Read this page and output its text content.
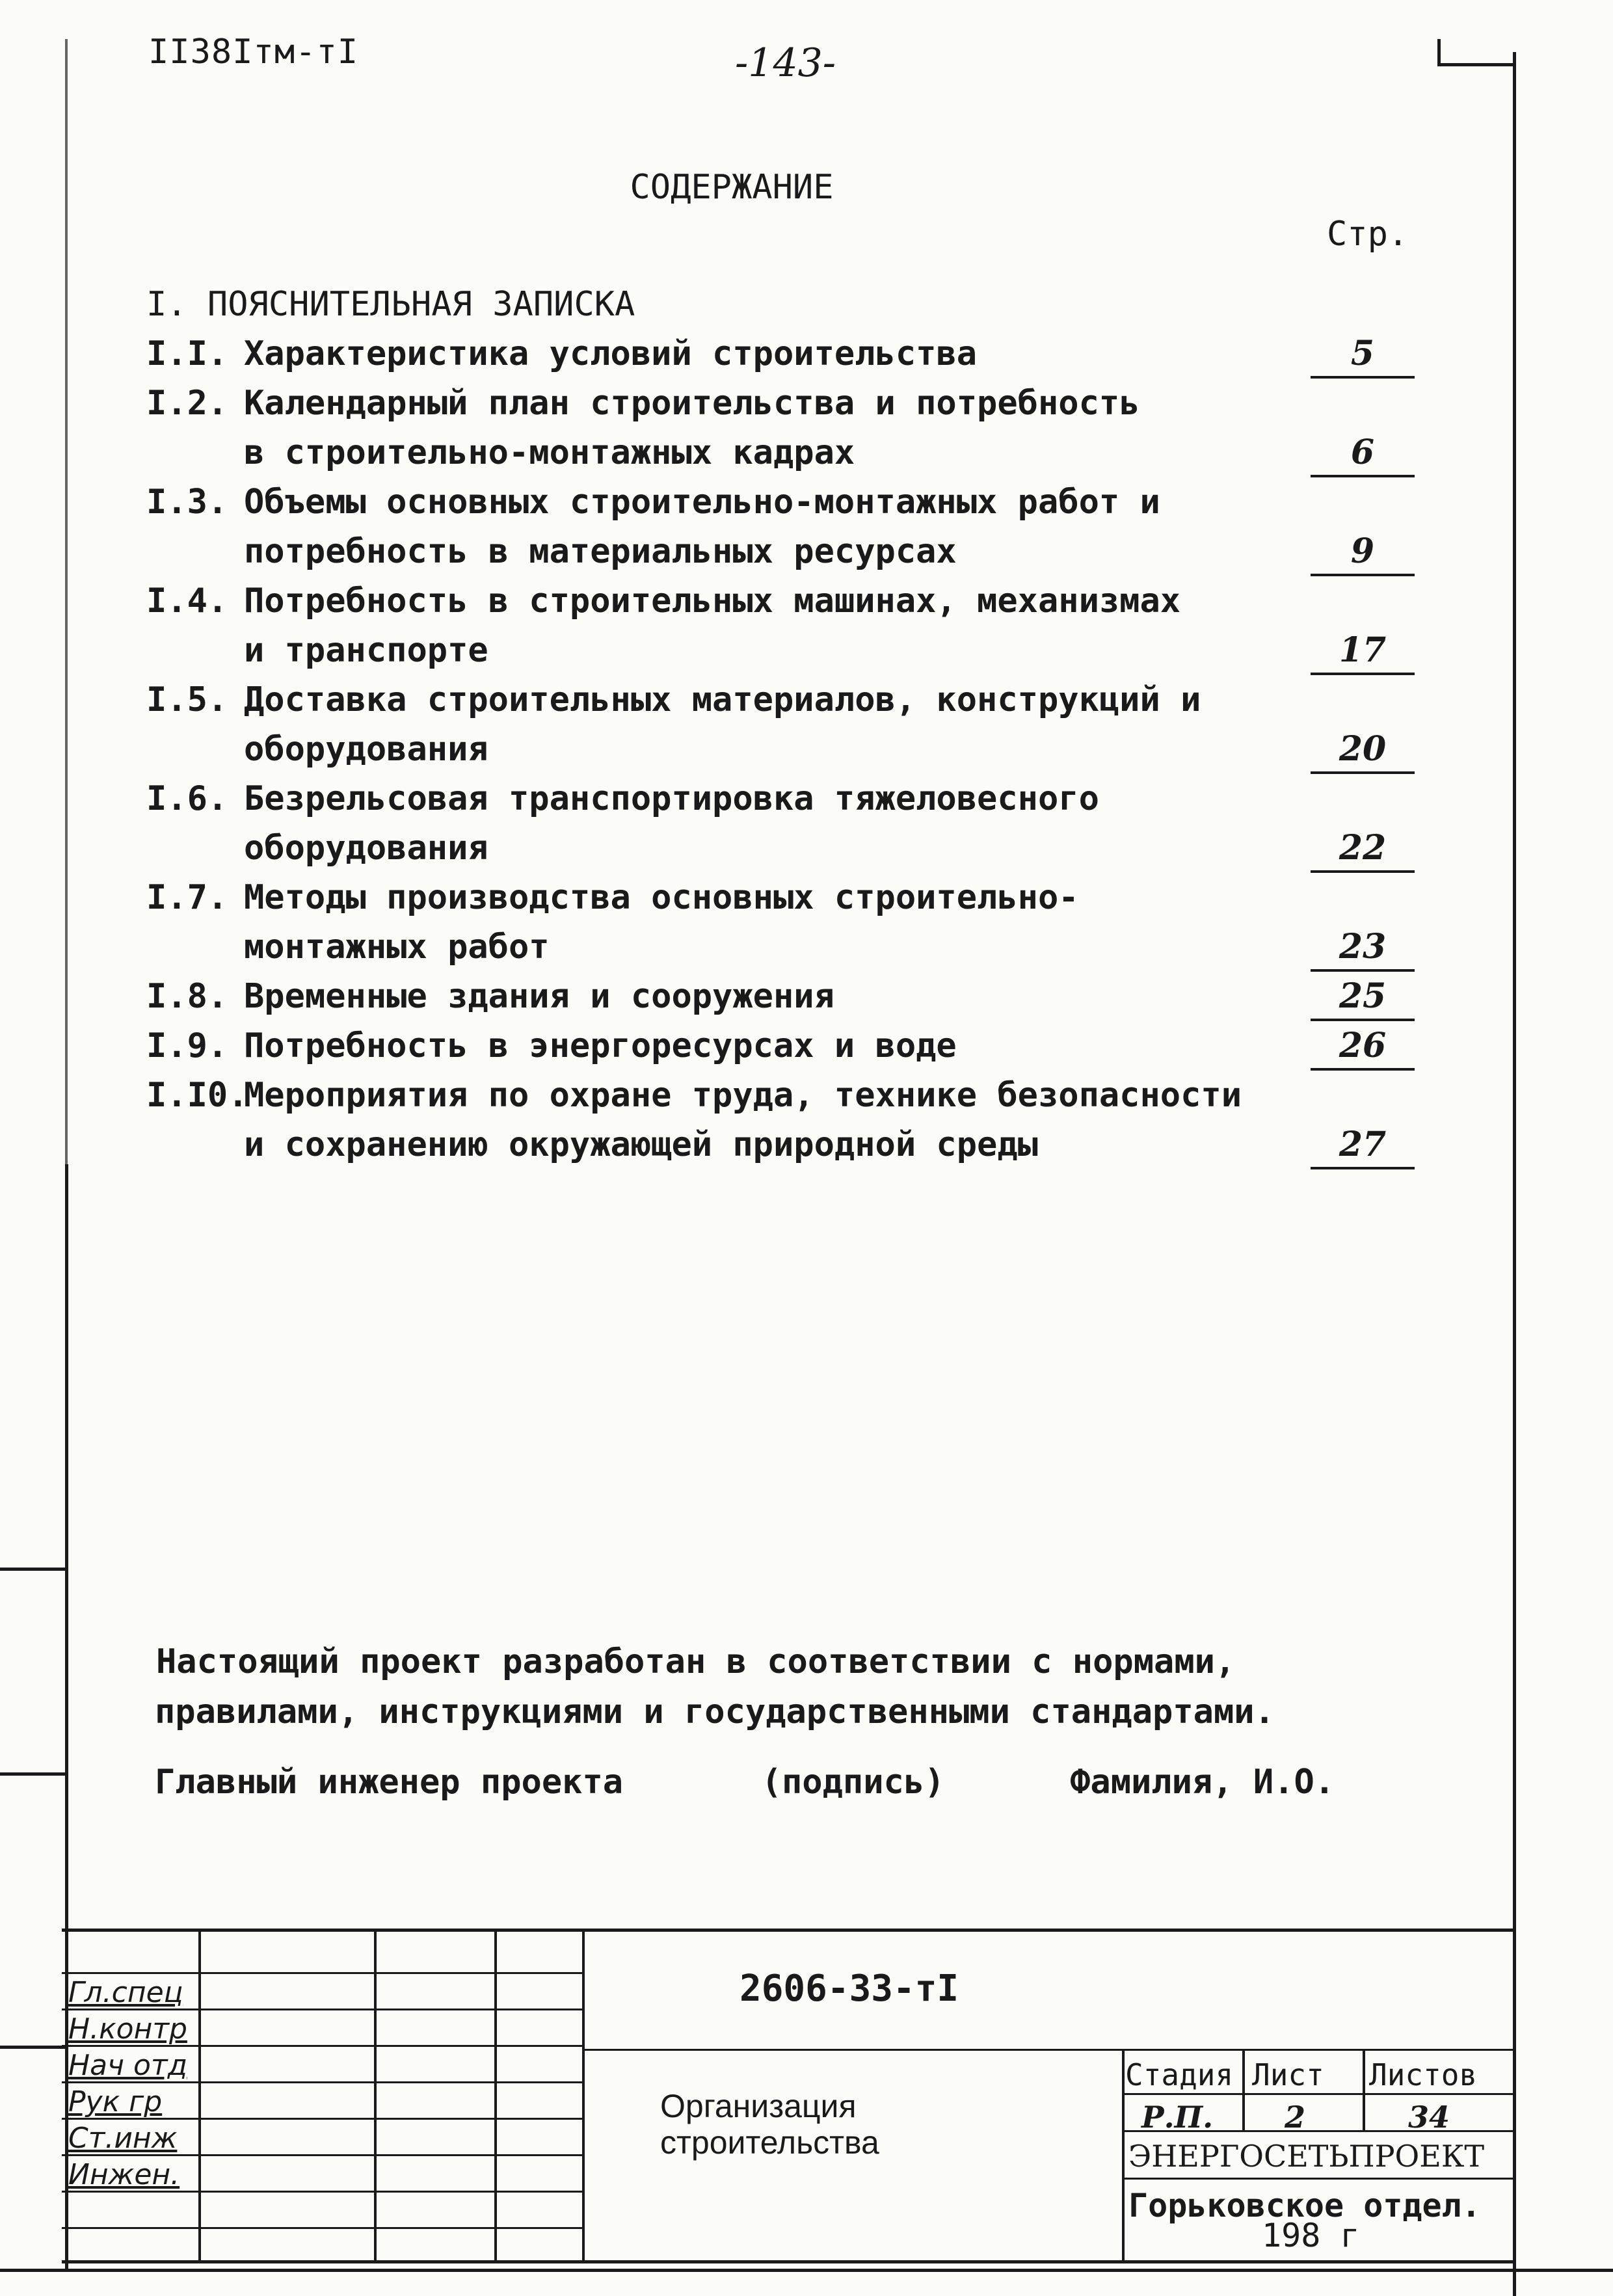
II38Iтм-тI	-143-
СОДЕРЖАНИЕ
Стр.
I. ПОЯСНИТЕЛЬНАЯ ЗАПИСКА
I.I. Характеристика условий строительства	5
I.2. Календарный план строительства и потребность
в строительно-монтажных кадрах	6
I.3. Объемы основных строительно-монтажных работ и
потребность в материальных ресурсах	9
I.4. Потребность в строительных машинах, механизмах
и транспорте	17
I.5. Доставка строительных материалов, конструкций и
оборудования	20
I.6. Безрельсовая транспортировка тяжеловесного
оборудования	22
I.7. Методы производства основных строительно-
монтажных работ	23
I.8. Временные здания и сооружения	25
I.9. Потребность в энергоресурсах и воде	26
I.I0.
Мероприятия по охране труда, технике безопасности
и сохранению окружающей природной среды	27
Настоящий проект разработан в соответствии с нормами,
правилами, инструкциями и государственными стандартами.
Главный инженер проекта	(подпись)	Фамилия, И.О.
Гл.спец
Н.контр
Нач отд
Рук гр
Ст.инж
Инжен.
2606-33-тI
Организация
строительства
Стадия Лист Листов
Р.П. 2	34
ЭНЕРГОСЕТЬПРОЕКТ
Горьковское отдел.
198 г
